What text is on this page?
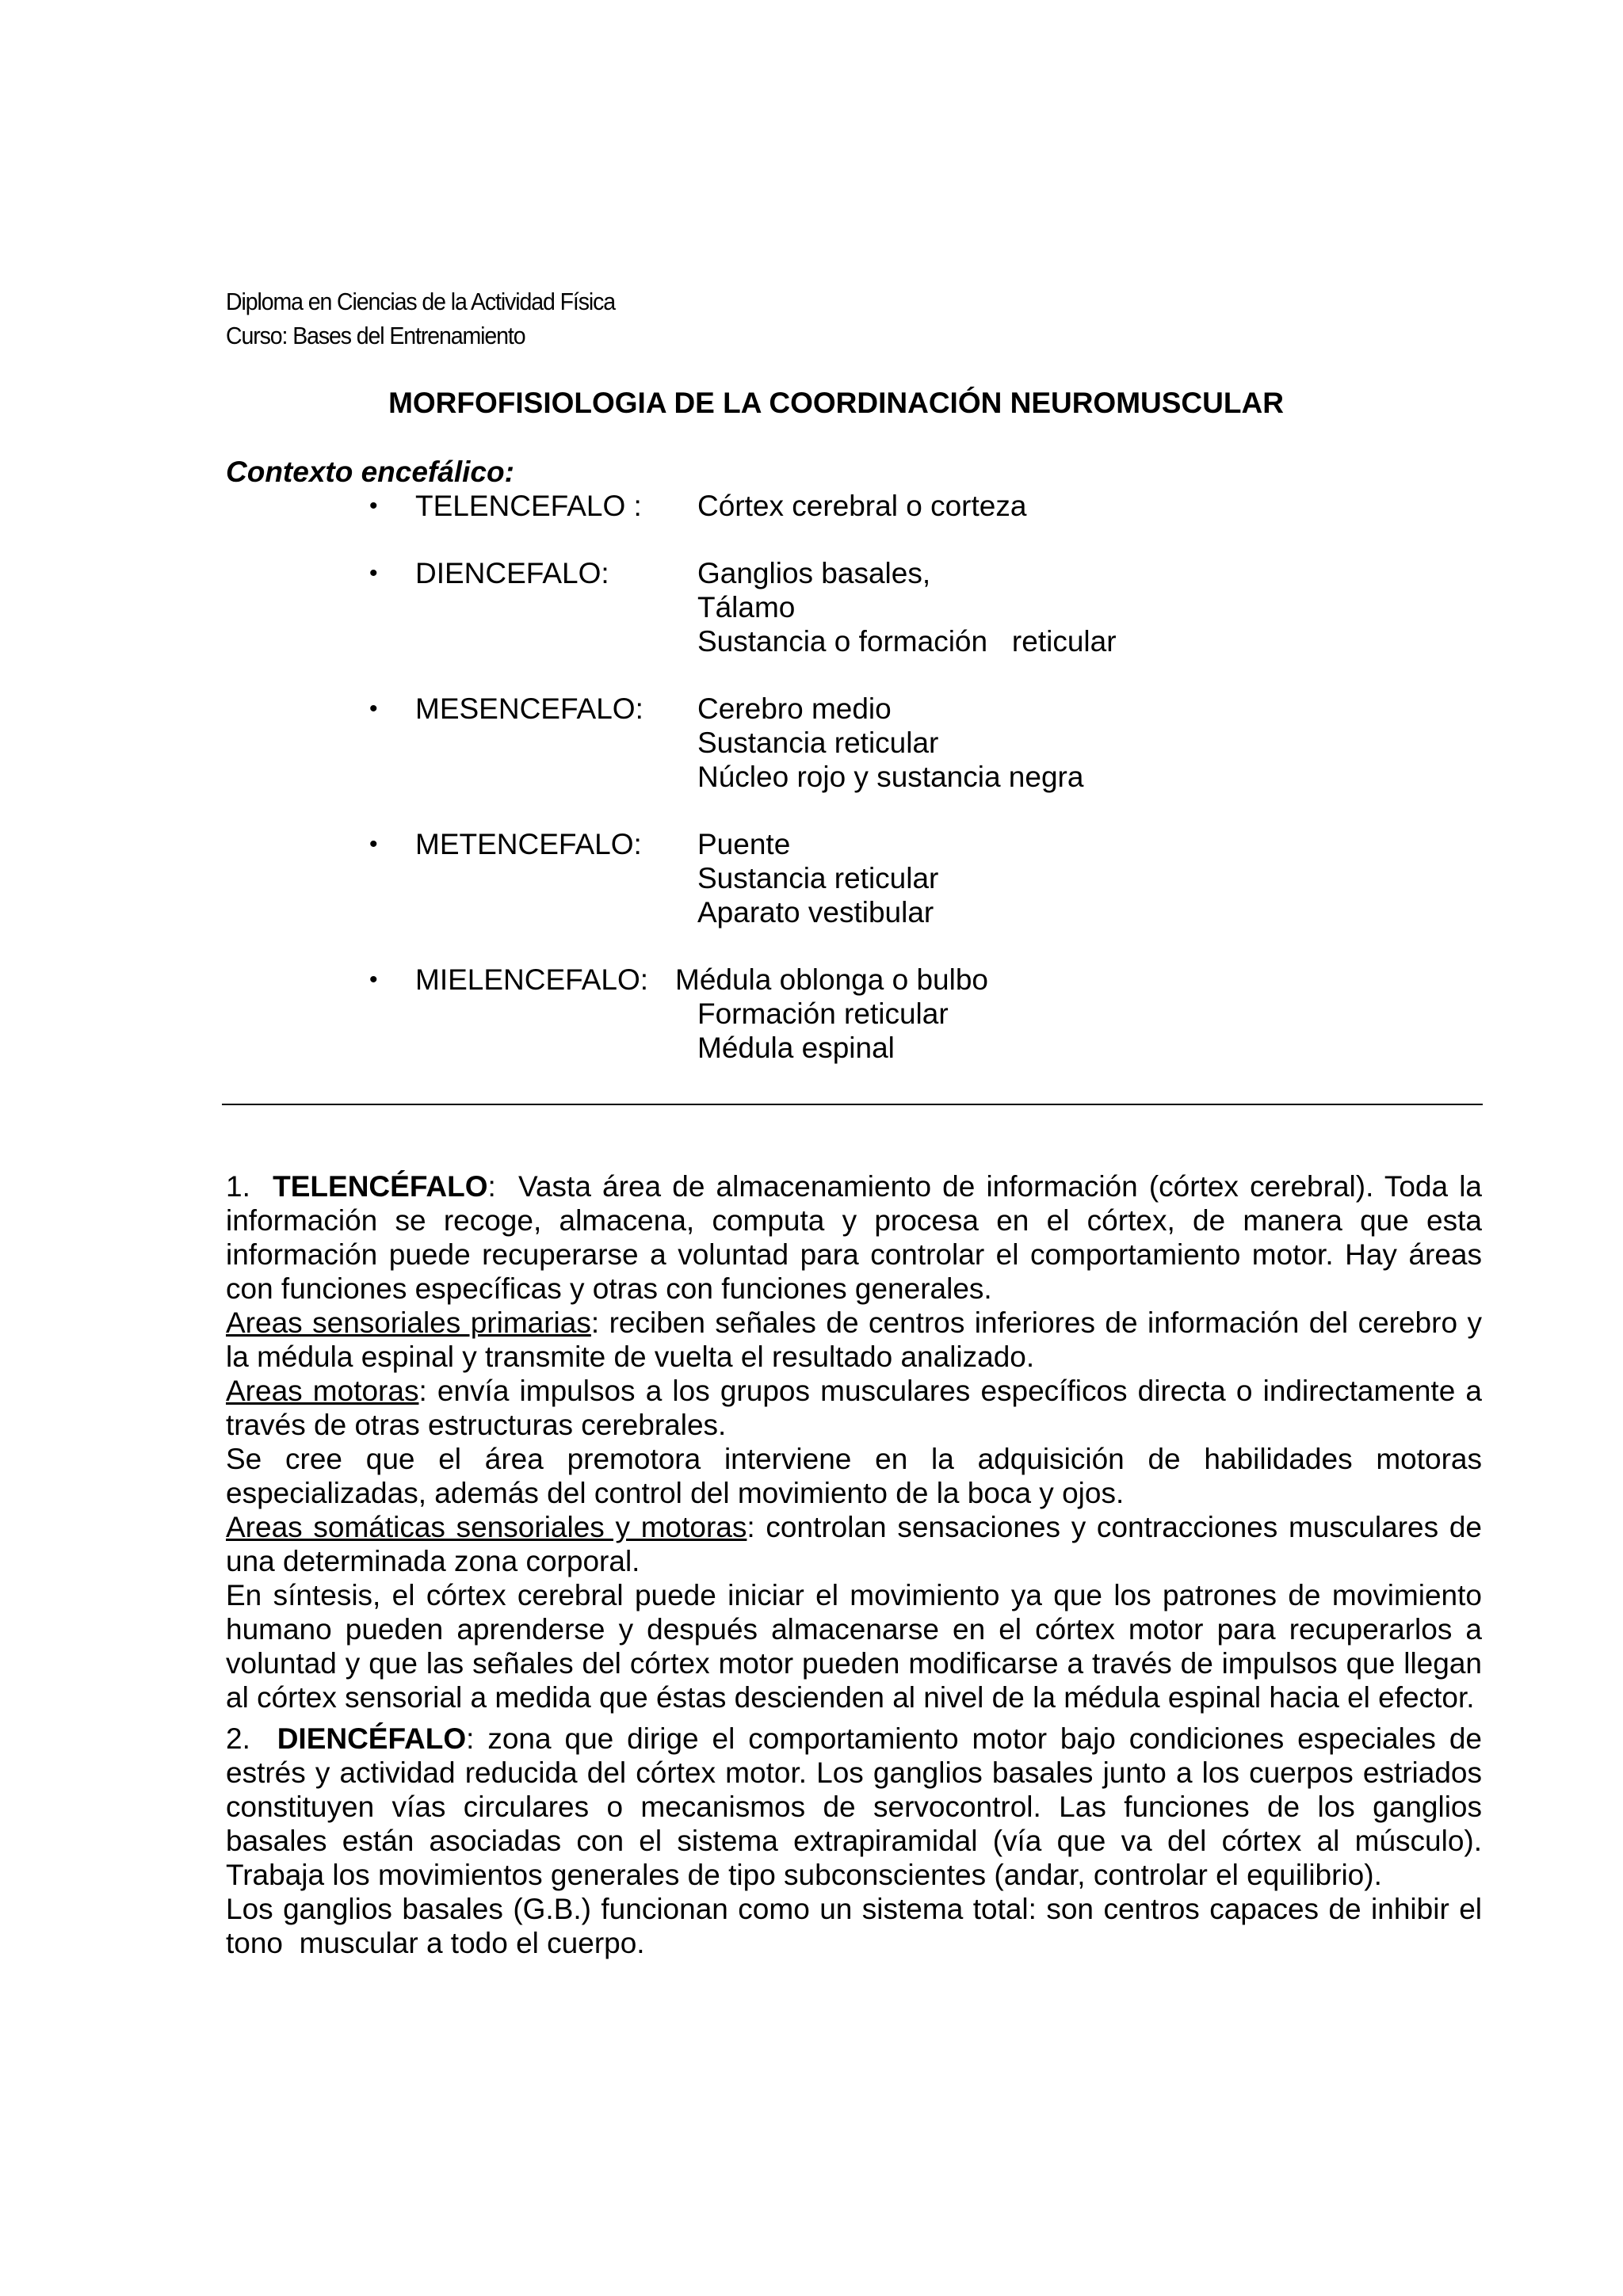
Diploma en Ciencias de la Actividad Física
Curso: Bases del Entrenamiento
MORFOFISIOLOGIA DE LA COORDINACIÓN NEUROMUSCULAR
Contexto encefálico:
• TELENCEFALO : Córtex cerebral o corteza
• DIENCEFALO:	Ganglios basales,
Tálamo
Sustancia o formación   reticular
• MESENCEFALO: Cerebro medio
Sustancia reticular
Núcleo rojo y sustancia negra
• METENCEFALO: Puente
Sustancia reticular
Aparato vestibular
• MIELENCEFALO: Médula oblonga o bulbo
Formación reticular
Médula espinal

1. TELENCÉFALO:  Vasta área de almacenamiento de información (córtex cerebral). Toda la información se recoge, almacena, computa y procesa en el córtex, de manera que esta información puede recuperarse a voluntad para controlar el comportamiento motor. Hay áreas con funciones específicas y otras con funciones generales.

Areas sensoriales primarias: reciben señales de centros inferiores de información del cerebro y la médula espinal y transmite de vuelta el resultado analizado.

Areas motoras: envía impulsos a los grupos musculares específicos directa o indirectamente a través de otras estructuras cerebrales.

Se cree que el área premotora interviene en la adquisición de habilidades motoras especializadas, además del control del movimiento de la boca y ojos.

Areas somáticas sensoriales y motoras: controlan sensaciones y contracciones musculares de una determinada zona corporal.

En síntesis, el córtex cerebral puede iniciar el movimiento ya que los patrones de movimiento humano pueden aprenderse y después almacenarse en el córtex motor para recuperarlos a voluntad y que las señales del córtex motor pueden modificarse a través de impulsos que llegan al córtex sensorial a medida que éstas descienden al nivel de la médula espinal hacia el efector.

2. DIENCÉFALO: zona que dirige el comportamiento motor bajo condiciones especiales de estrés y actividad reducida del córtex motor. Los ganglios basales junto a los cuerpos estriados constituyen vías circulares o mecanismos de servocontrol. Las funciones de los ganglios basales están asociadas con el sistema extrapiramidal (vía que va del córtex al músculo). Trabaja los movimientos generales de tipo subconscientes (andar, controlar el equilibrio).

Los ganglios basales (G.B.) funcionan como un sistema total: son centros capaces de inhibir el tono  muscular a todo el cuerpo.
